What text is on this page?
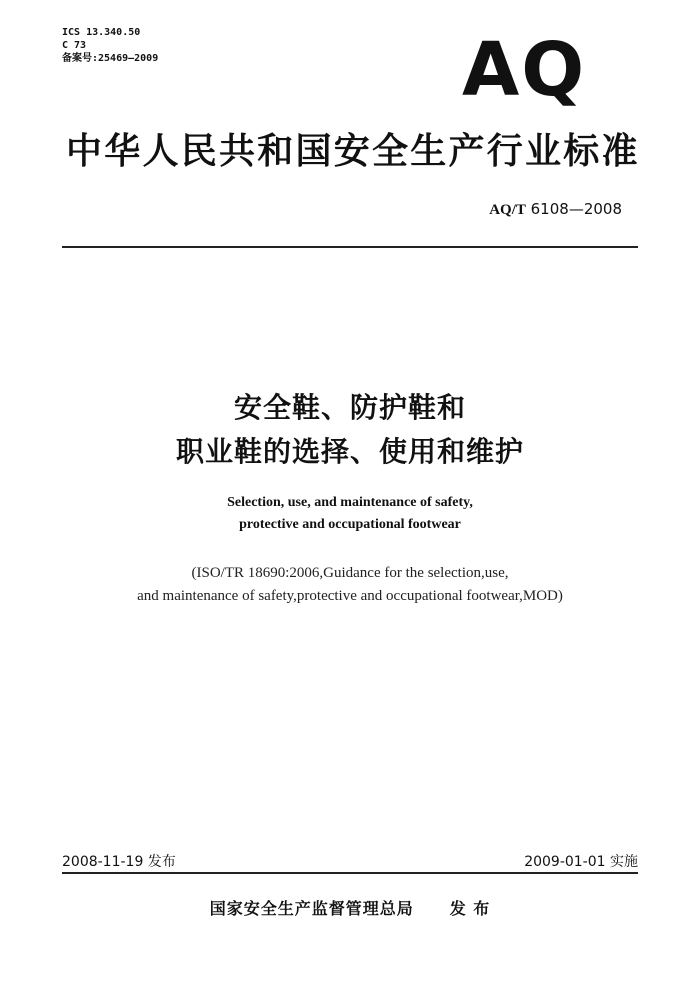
ICS 13.340.50
C 73
备案号:25469—2009	AQ
中华人民共和国安全生产行业标准
AQ/T 6108—2008
安全鞋、防护鞋和
职业鞋的选择、使用和维护
Selection, use, and maintenance of safety,
protective and occupational footwear
(ISO/TR 18690:2006,Guidance for the selection,use,
and maintenance of safety,protective and occupational footwear,MOD)
2008-11-19 发布	2009-01-01 实施
国家安全生产监督管理总局 发 布
